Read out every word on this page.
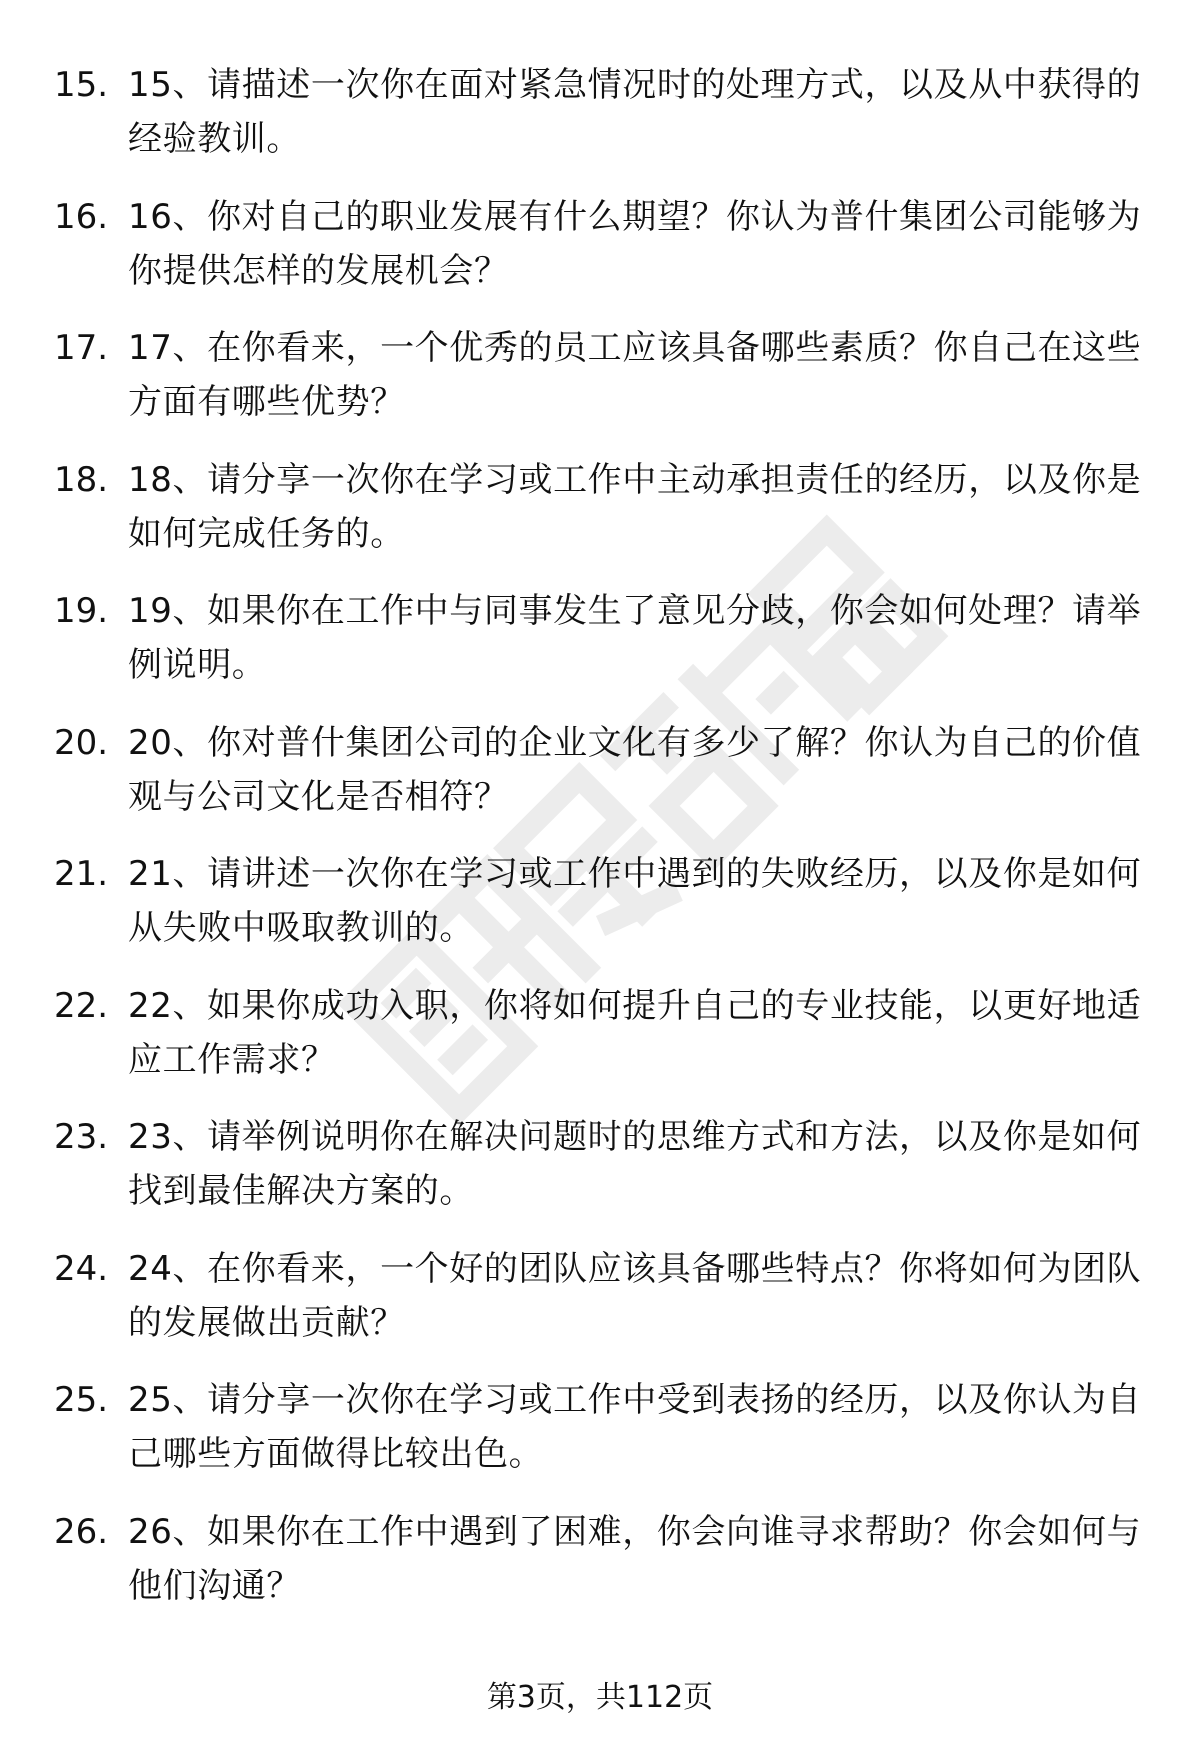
15. 15、请描述一次你在面对紧急情况时的处理方式，以及从中获得的经验教训。
16. 16、你对自己的职业发展有什么期望？你认为普什集团公司能够为你提供怎样的发展机会？
17. 17、在你看来，一个优秀的员工应该具备哪些素质？你自己在这些方面有哪些优势？
18. 18、请分享一次你在学习或工作中主动承担责任的经历，以及你是如何完成任务的。
19. 19、如果你在工作中与同事发生了意见分歧，你会如何处理？请举例说明。
20. 20、你对普什集团公司的企业文化有多少了解？你认为自己的价值观与公司文化是否相符？
21. 21、请讲述一次你在学习或工作中遇到的失败经历，以及你是如何从失败中吸取教训的。
22. 22、如果你成功入职，你将如何提升自己的专业技能，以更好地适应工作需求？
23. 23、请举例说明你在解决问题时的思维方式和方法，以及你是如何找到最佳解决方案的。
24. 24、在你看来，一个好的团队应该具备哪些特点？你将如何为团队的发展做出贡献？
25. 25、请分享一次你在学习或工作中受到表扬的经历，以及你认为自己哪些方面做得比较出色。
26. 26、如果你在工作中遇到了困难，你会向谁寻求帮助？你会如何与他们沟通？
第3页，共112页
